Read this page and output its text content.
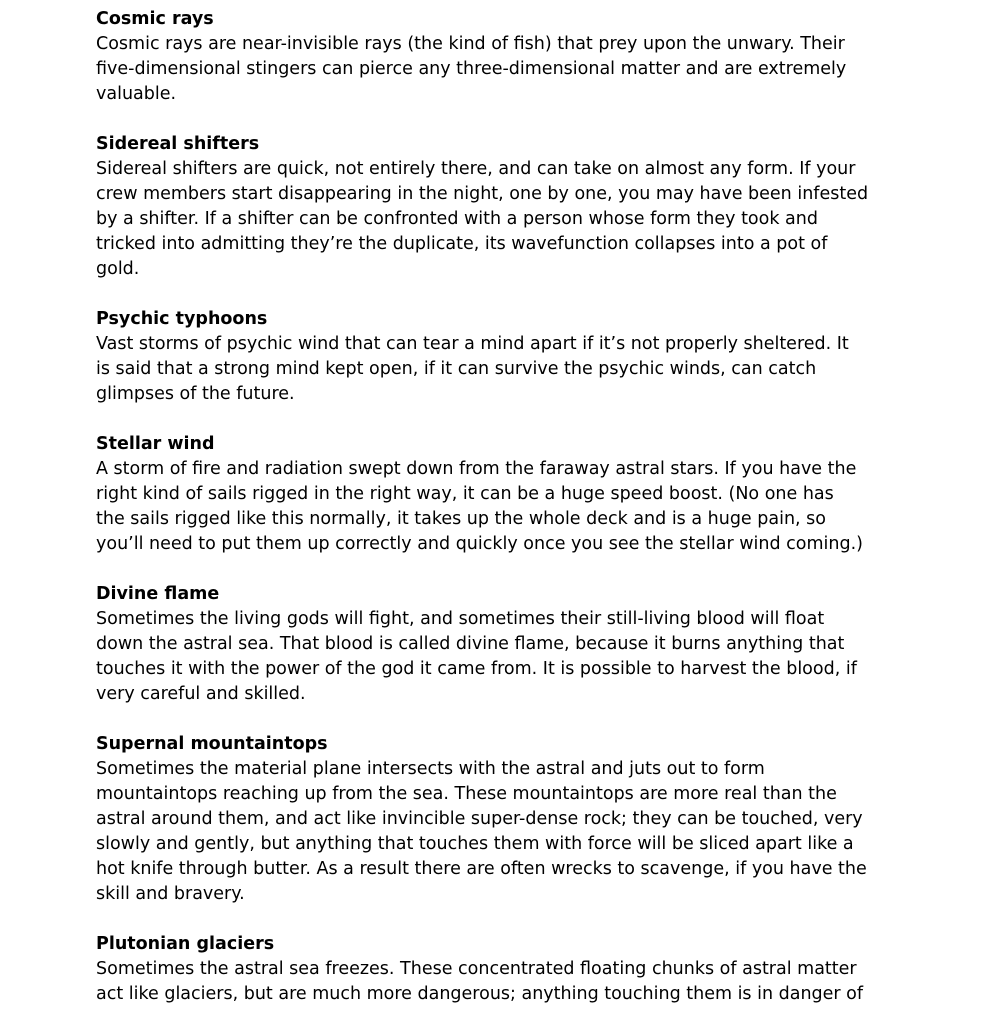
Cosmic rays
Cosmic rays are near-invisible rays (the kind of fish) that prey upon the unwary. Their
five-dimensional stingers can pierce any three-dimensional matter and are extremely
valuable.
Sidereal shifters
Sidereal shifters are quick, not entirely there, and can take on almost any form. If your
crew members start disappearing in the night, one by one, you may have been infested
by a shifter. If a shifter can be confronted with a person whose form they took and
tricked into admitting they’re the duplicate, its wavefunction collapses into a pot of
gold.
Psychic typhoons
Vast storms of psychic wind that can tear a mind apart if it’s not properly sheltered. It
is said that a strong mind kept open, if it can survive the psychic winds, can catch
glimpses of the future.
Stellar wind
A storm of fire and radiation swept down from the faraway astral stars. If you have the
right kind of sails rigged in the right way, it can be a huge speed boost. (No one has
the sails rigged like this normally, it takes up the whole deck and is a huge pain, so
you’ll need to put them up correctly and quickly once you see the stellar wind coming.)
Divine flame
Sometimes the living gods will fight, and sometimes their still-living blood will float
down the astral sea. That blood is called divine flame, because it burns anything that
touches it with the power of the god it came from. It is possible to harvest the blood, if
very careful and skilled.
Supernal mountaintops
Sometimes the material plane intersects with the astral and juts out to form
mountaintops reaching up from the sea. These mountaintops are more real than the
astral around them, and act like invincible super-dense rock; they can be touched, very
slowly and gently, but anything that touches them with force will be sliced apart like a
hot knife through butter. As a result there are often wrecks to scavenge, if you have the
skill and bravery.
Plutonian glaciers
Sometimes the astral sea freezes. These concentrated floating chunks of astral matter
act like glaciers, but are much more dangerous; anything touching them is in danger of
